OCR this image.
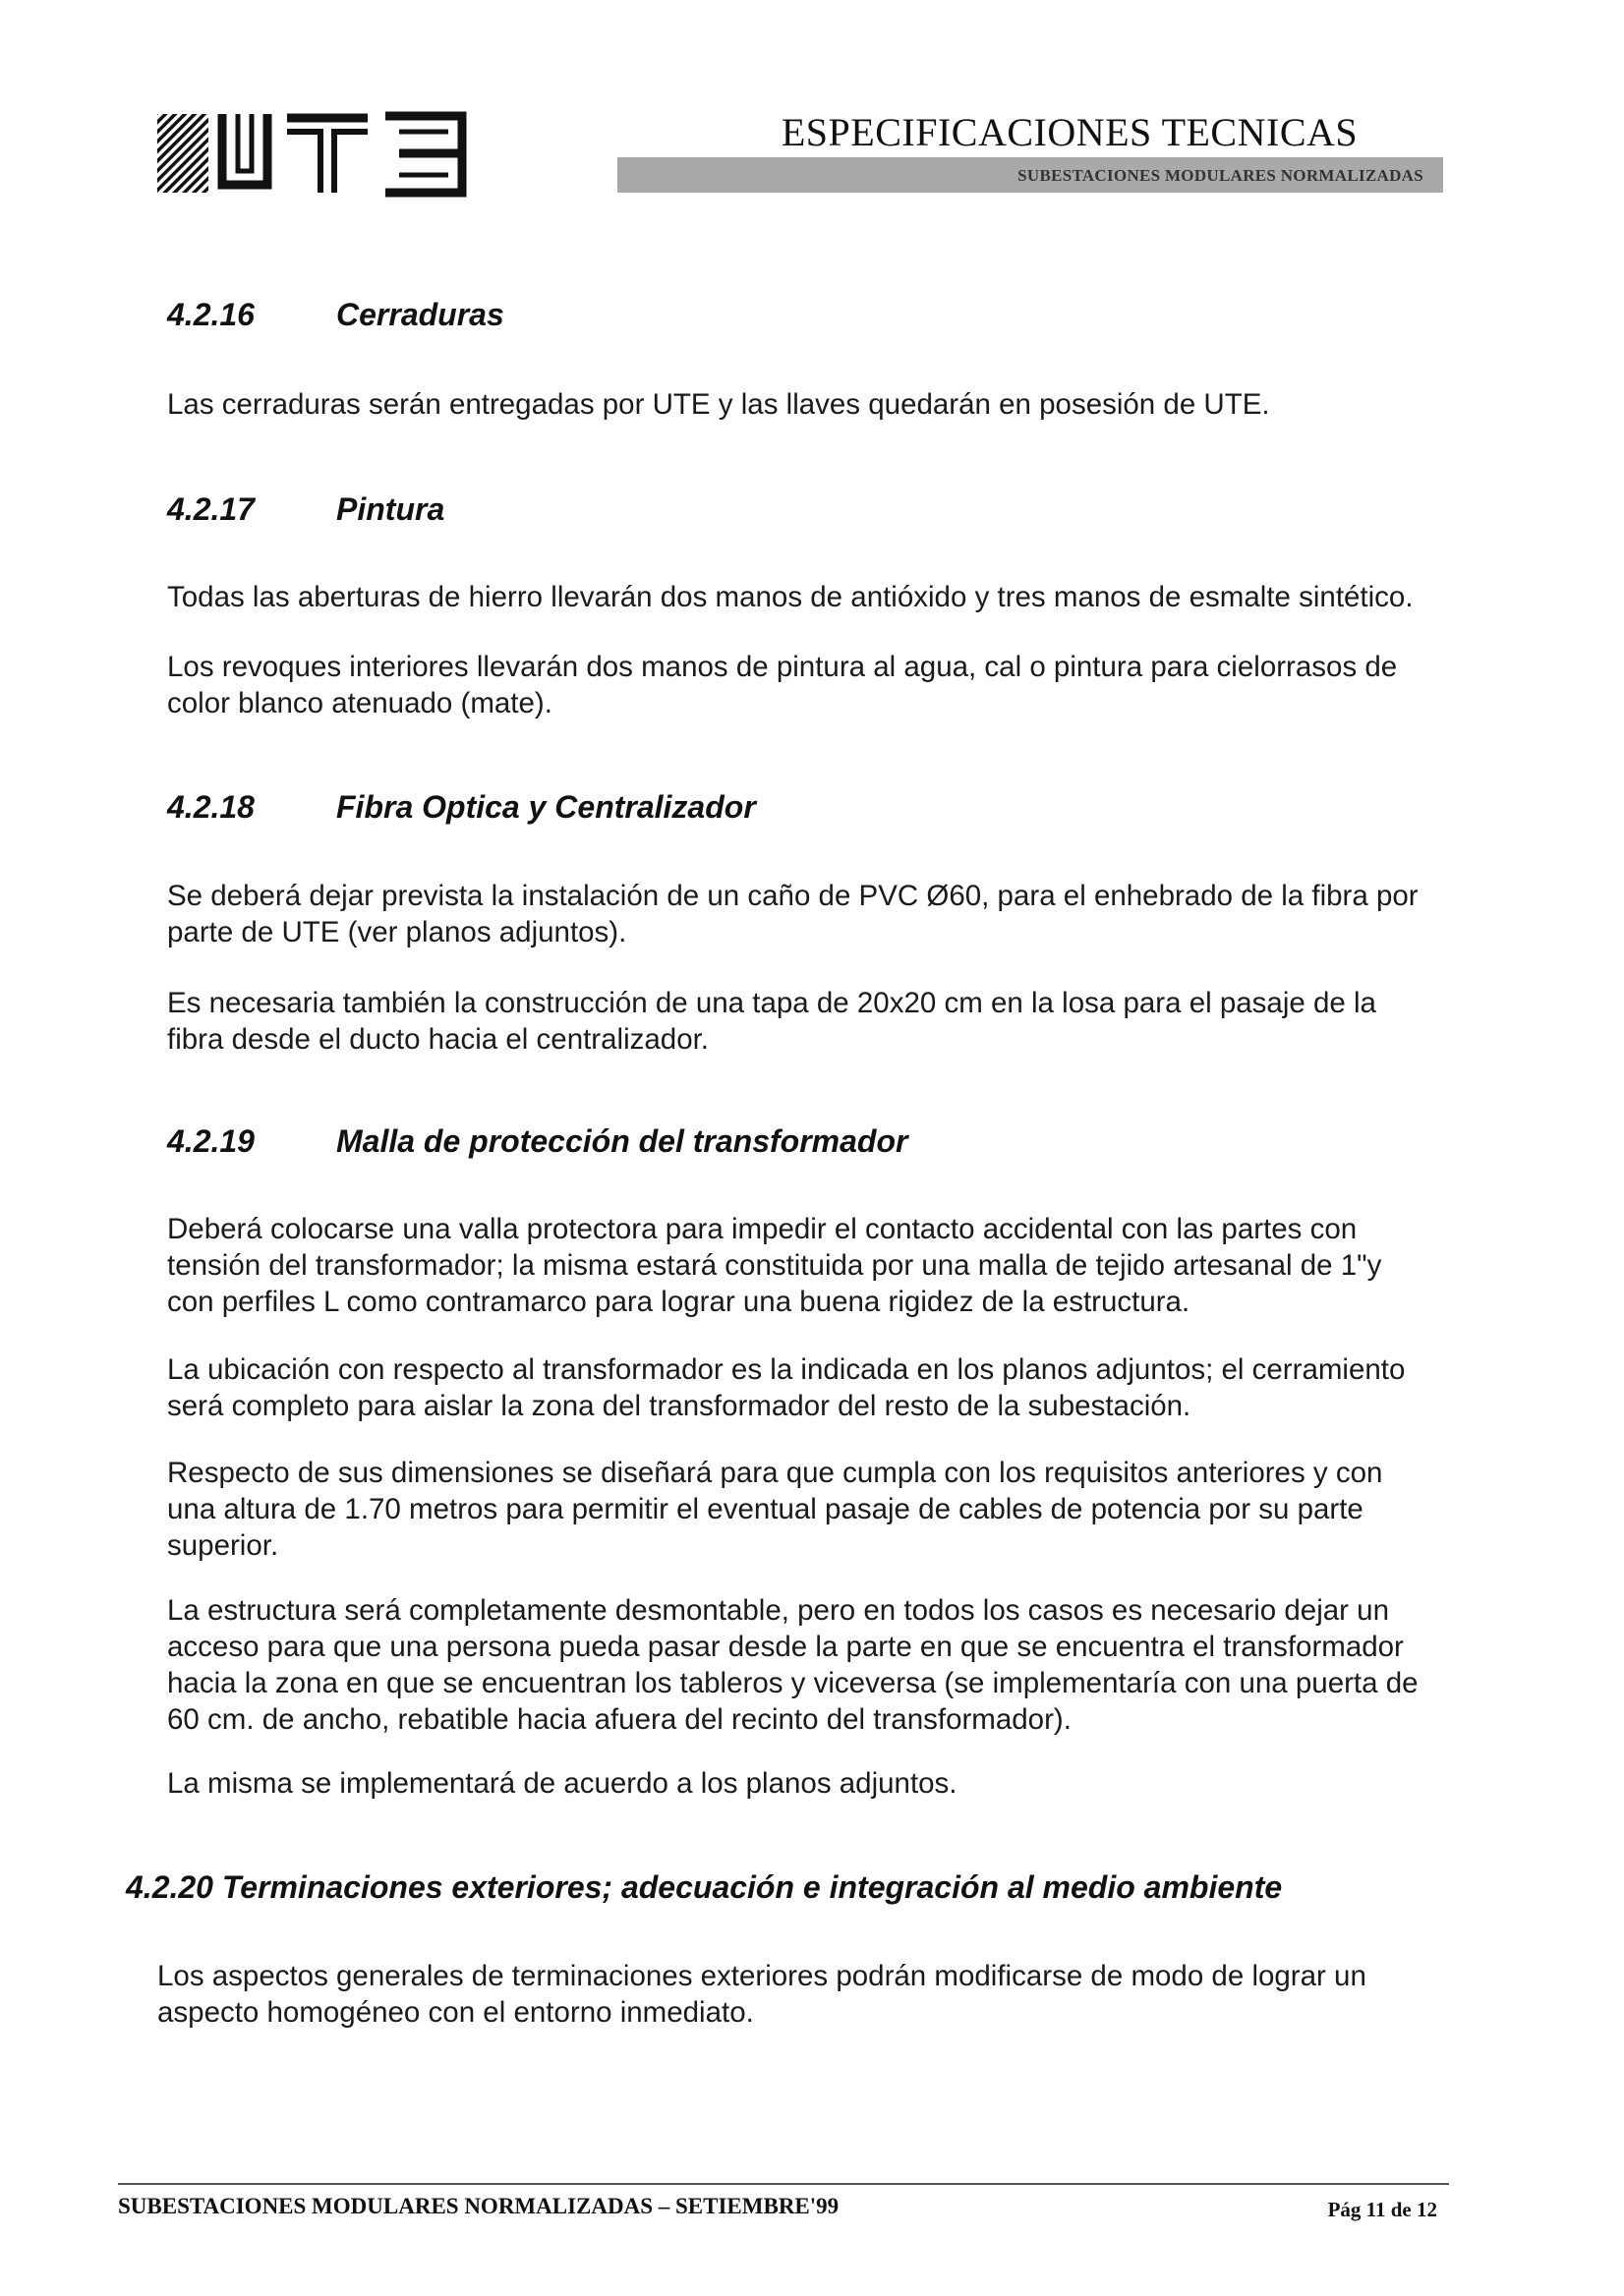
UTE	ESPECIFICACIONES TECNICAS
SUBESTACIONES MODULARES NORMALIZADAS
4.2.16	Cerraduras
Las cerraduras serán entregadas por UTE y las llaves quedarán en posesión de UTE.
4.2.17	Pintura
Todas las aberturas de hierro llevarán dos manos de antióxido y tres manos de esmalte sintético.
Los revoques interiores llevarán dos manos de pintura al agua, cal o pintura para cielorrasos de color blanco atenuado (mate).
4.2.18	Fibra Optica y Centralizador
Se deberá dejar prevista la instalación de un caño de PVC Ø60, para el enhebrado de la fibra por parte de UTE (ver planos adjuntos).
Es necesaria también la construcción de una tapa de 20x20 cm en la losa para el pasaje de la fibra desde el ducto hacia el centralizador.
4.2.19	Malla de protección del transformador
Deberá colocarse una valla protectora para impedir el contacto accidental con las partes con tensión del transformador; la misma estará constituida por una malla de tejido artesanal de 1"y con perfiles L como contramarco para lograr una buena rigidez de la estructura.
La ubicación con respecto al transformador es la indicada en los planos adjuntos; el cerramiento será completo para aislar la zona del transformador del resto de la subestación.
Respecto de sus dimensiones se diseñará para que cumpla con los requisitos anteriores y con una altura de 1.70 metros para permitir el eventual pasaje de cables de potencia por su parte superior.
La estructura será completamente desmontable, pero en todos los casos es necesario dejar un acceso para que una persona pueda pasar desde la parte en que se encuentra el transformador hacia la zona en que se encuentran los tableros y viceversa (se implementaría con una puerta de 60 cm. de ancho, rebatible hacia afuera del recinto del transformador).
La misma se implementará de acuerdo a los planos adjuntos.
4.2.20 Terminaciones exteriores; adecuación e integración al medio ambiente
Los aspectos generales de terminaciones exteriores podrán modificarse de modo de lograr un aspecto homogéneo con el entorno inmediato.
SUBESTACIONES MODULARES NORMALIZADAS – SETIEMBRE'99	Pág 11 de 12
